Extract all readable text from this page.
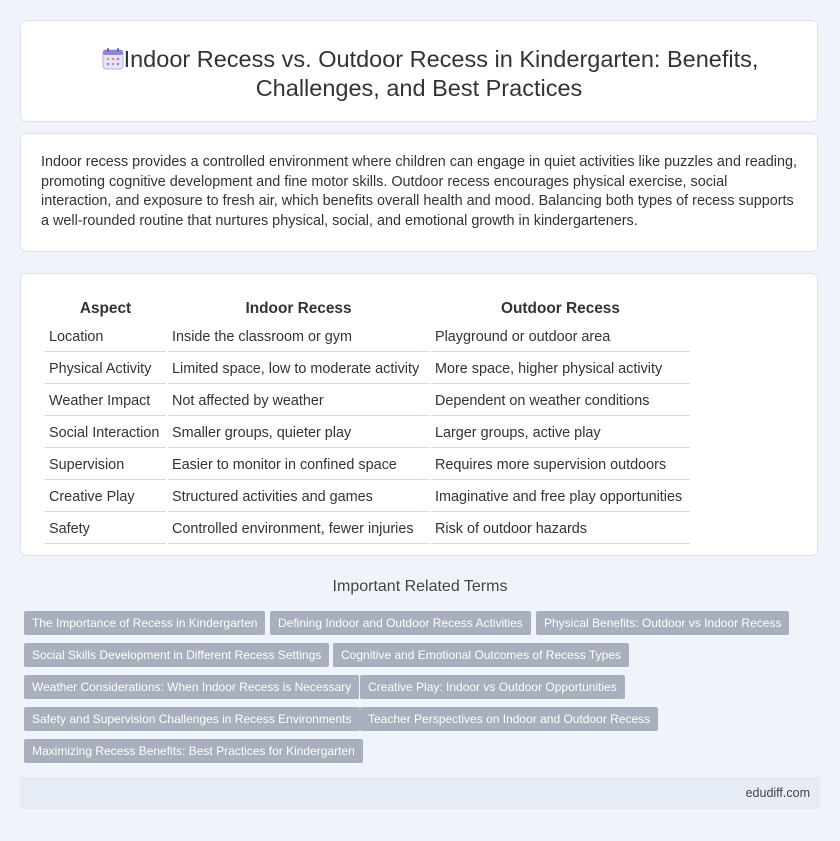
Indoor Recess vs. Outdoor Recess in Kindergarten: Benefits,
Challenges, and Best Practices
Indoor recess provides a controlled environment where children can engage in quiet activities like puzzles and reading, promoting cognitive development and fine motor skills. Outdoor recess encourages physical exercise, social interaction, and exposure to fresh air, which benefits overall health and mood. Balancing both types of recess supports a well-rounded routine that nurtures physical, social, and emotional growth in kindergarteners.
Aspect	Indoor Recess	Outdoor Recess
Location	Inside the classroom or gym	Playground or outdoor area
Physical Activity	Limited space, low to moderate activity	More space, higher physical activity
Weather Impact	Not affected by weather	Dependent on weather conditions
Social Interaction	Smaller groups, quieter play	Larger groups, active play
Supervision	Easier to monitor in confined space	Requires more supervision outdoors
Creative Play	Structured activities and games	Imaginative and free play opportunities
Safety	Controlled environment, fewer injuries	Risk of outdoor hazards
Important Related Terms
The Importance of Recess in Kindergarten	Defining Indoor and Outdoor Recess Activities	Physical Benefits: Outdoor vs Indoor Recess
Social Skills Development in Different Recess Settings	Cognitive and Emotional Outcomes of Recess Types
Weather Considerations: When Indoor Recess is Necessary	Creative Play: Indoor vs Outdoor Opportunities
Safety and Supervision Challenges in Recess Environments	Teacher Perspectives on Indoor and Outdoor Recess
Maximizing Recess Benefits: Best Practices for Kindergarten
edudiff.com
